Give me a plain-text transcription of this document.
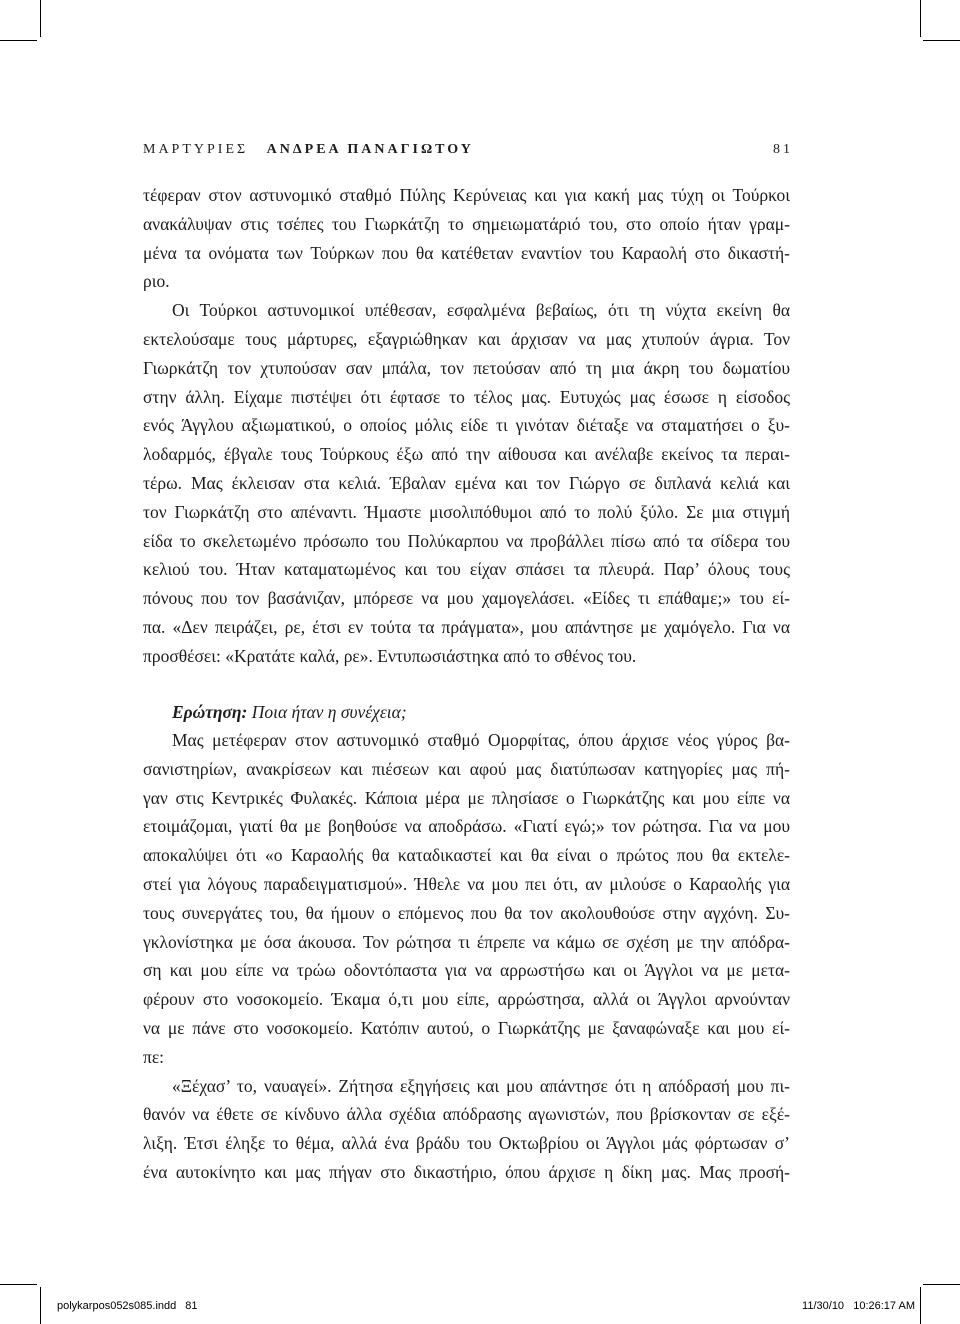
ΜΑΡΤΥΡΙΕΣ ΑΝΔΡΕΑ ΠΑΝΑΓΙΩΤΟΥ	81
τέφεραν στον αστυνομικό σταθμό Πύλης Κερύνειας και για κακή μας τύχη οι Τούρκοι
ανακάλυψαν στις τσέπες του Γιωρκάτζη το σημειωματάριό του, στο οποίο ήταν γραμ-
μένα τα ονόματα των Τούρκων που θα κατέθεταν εναντίον του Καραολή στο δικαστή-
ριο.
Οι Τούρκοι αστυνομικοί υπέθεσαν, εσφαλμένα βεβαίως, ότι τη νύχτα εκείνη θα
εκτελούσαμε τους μάρτυρες, εξαγριώθηκαν και άρχισαν να μας χτυπούν άγρια. Τον
Γιωρκάτζη τον χτυπούσαν σαν μπάλα, τον πετούσαν από τη μια άκρη του δωματίου
στην άλλη. Είχαμε πιστέψει ότι έφτασε το τέλος μας. Ευτυχώς μας έσωσε η είσοδος
ενός Άγγλου αξιωματικού, ο οποίος μόλις είδε τι γινόταν διέταξε να σταματήσει ο ξυ-
λοδαρμός, έβγαλε τους Τούρκους έξω από την αίθουσα και ανέλαβε εκείνος τα περαι-
τέρω. Μας έκλεισαν στα κελιά. Έβαλαν εμένα και τον Γιώργο σε διπλανά κελιά και
τον Γιωρκάτζη στο απέναντι. Ήμαστε μισολιπόθυμοι από το πολύ ξύλο. Σε μια στιγμή
είδα το σκελετωμένο πρόσωπο του Πολύκαρπου να προβάλλει πίσω από τα σίδερα του
κελιού του. Ήταν καταματωμένος και του είχαν σπάσει τα πλευρά. Παρ’ όλους τους
πόνους που τον βασάνιζαν, μπόρεσε να μου χαμογελάσει. «Είδες τι επάθαμε;» του εί-
πα. «Δεν πειράζει, ρε, έτσι εν τούτα τα πράγματα», μου απάντησε με χαμόγελο. Για να
προσθέσει: «Κρατάτε καλά, ρε». Εντυπωσιάστηκα από το σθένος του.
Ερώτηση: Ποια ήταν η συνέχεια;
Μας μετέφεραν στον αστυνομικό σταθμό Ομορφίτας, όπου άρχισε νέος γύρος βα-
σανιστηρίων, ανακρίσεων και πιέσεων και αφού μας διατύπωσαν κατηγορίες μας πή-
γαν στις Κεντρικές Φυλακές. Κάποια μέρα με πλησίασε ο Γιωρκάτζης και μου είπε να
ετοιμάζομαι, γιατί θα με βοηθούσε να αποδράσω. «Γιατί εγώ;» τον ρώτησα. Για να μου
αποκαλύψει ότι «ο Καραολής θα καταδικαστεί και θα είναι ο πρώτος που θα εκτελε-
στεί για λόγους παραδειγματισμού». Ήθελε να μου πει ότι, αν μιλούσε ο Καραολής για
τους συνεργάτες του, θα ήμουν ο επόμενος που θα τον ακολουθούσε στην αγχόνη. Συ-
γκλονίστηκα με όσα άκουσα. Τον ρώτησα τι έπρεπε να κάμω σε σχέση με την απόδρα-
ση και μου είπε να τρώω οδοντόπαστα για να αρρωστήσω και οι Άγγλοι να με μετα-
φέρουν στο νοσοκομείο. Έκαμα ό,τι μου είπε, αρρώστησα, αλλά οι Άγγλοι αρνούνταν
να με πάνε στο νοσοκομείο. Κατόπιν αυτού, ο Γιωρκάτζης με ξαναφώναξε και μου εί-
πε:
«Ξέχασ’ το, ναυαγεί». Ζήτησα εξηγήσεις και μου απάντησε ότι η απόδρασή μου πι-
θανόν να έθετε σε κίνδυνο άλλα σχέδια απόδρασης αγωνιστών, που βρίσκονταν σε εξέ-
λιξη. Έτσι έληξε το θέμα, αλλά ένα βράδυ του Οκτωβρίου οι Άγγλοι μάς φόρτωσαν σ’
ένα αυτοκίνητο και μας πήγαν στο δικαστήριο, όπου άρχισε η δίκη μας. Μας προσή-
polykarpos052s085.indd 81	11/30/10   10:26:17 AM
